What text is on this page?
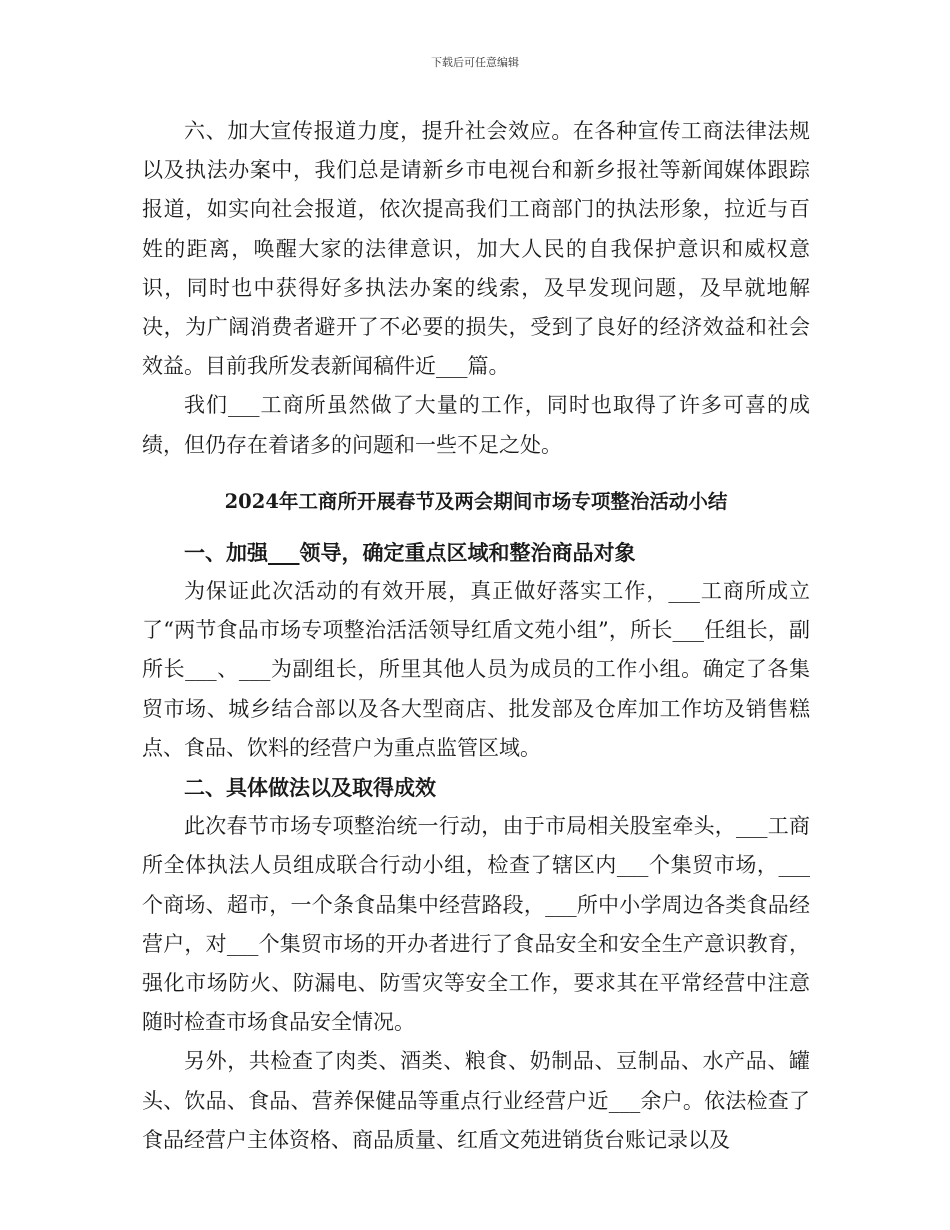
下载后可任意编辑

六、加大宣传报道力度，提升社会效应。在各种宣传工商法律法规以及执法办案中，我们总是请新乡市电视台和新乡报社等新闻媒体跟踪报道，如实向社会报道，依次提高我们工商部门的执法形象，拉近与百姓的距离，唤醒大家的法律意识，加大人民的自我保护意识和威权意识，同时也中获得好多执法办案的线索，及早发现问题，及早就地解决，为广阔消费者避开了不必要的损失，受到了良好的经济效益和社会效益。目前我所发表新闻稿件近___篇。

我们___工商所虽然做了大量的工作，同时也取得了许多可喜的成绩，但仍存在着诸多的问题和一些不足之处。

2024年工商所开展春节及两会期间市场专项整治活动小结

一、加强___领导，确定重点区域和整治商品对象

为保证此次活动的有效开展，真正做好落实工作，___工商所成立了“两节食品市场专项整治活活领导红盾文苑小组”，所长___任组长，副所长___、___为副组长，所里其他人员为成员的工作小组。确定了各集贸市场、城乡结合部以及各大型商店、批发部及仓库加工作坊及销售糕点、食品、饮料的经营户为重点监管区域。

二、具体做法以及取得成效

此次春节市场专项整治统一行动，由于市局相关股室牵头，___工商所全体执法人员组成联合行动小组，检查了辖区内___个集贸市场，___个商场、超市，一个条食品集中经营路段，___所中小学周边各类食品经营户，对___个集贸市场的开办者进行了食品安全和安全生产意识教育，强化市场防火、防漏电、防雪灾等安全工作，要求其在平常经营中注意随时检查市场食品安全情况。

另外，共检查了肉类、酒类、粮食、奶制品、豆制品、水产品、罐头、饮品、食品、营养保健品等重点行业经营户近___余户。依法检查了食品经营户主体资格、商品质量、红盾文苑进销货台账记录以及
